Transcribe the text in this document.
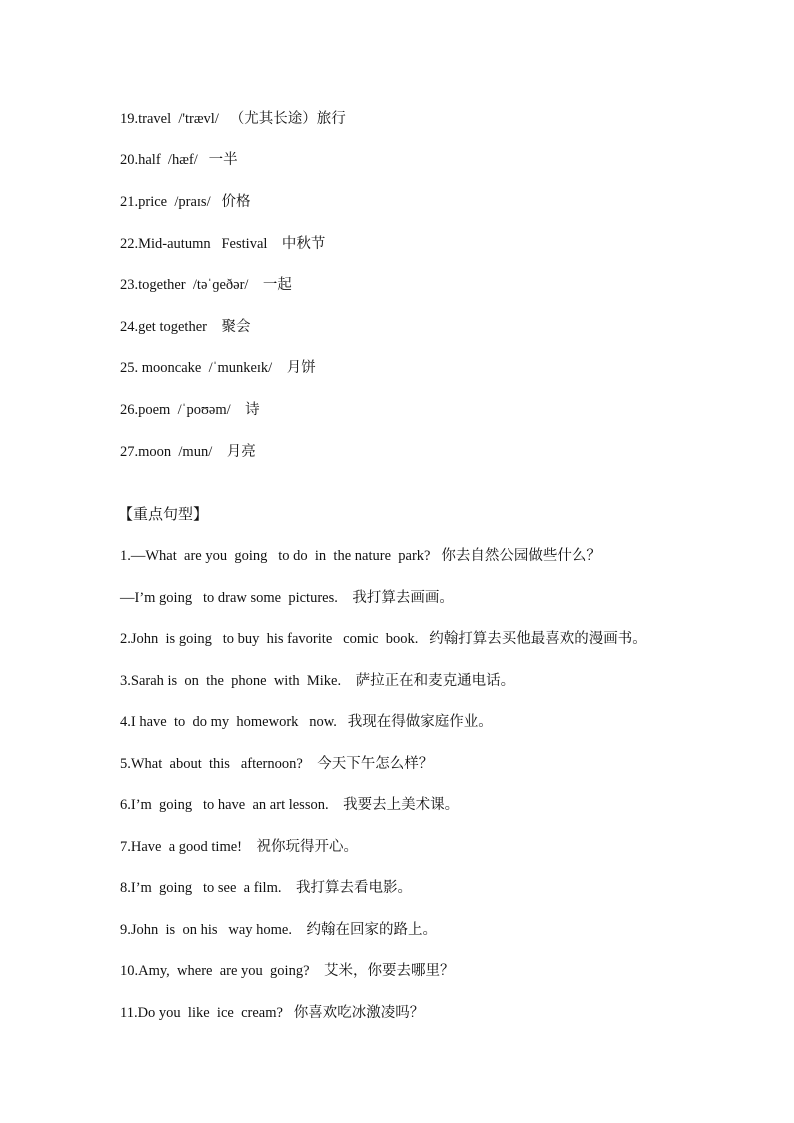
19.travel  /'trævl/   （尤其长途）旅行
20.half  /hæf/   一半
21.price  /praɪs/   价格
22.Mid-autumn   Festival    中秋节
23.together  /təˈɡeðər/    一起
24.get together    聚会
25. mooncake  /ˈmunkeɪk/    月饼
26.poem  /ˈpoʊəm/    诗
27.moon  /mun/    月亮
【重点句型】
1.—What  are you  going   to do  in  the nature  park?   你去自然公园做些什么？
—I’m going   to draw some  pictures.    我打算去画画。
2.John  is going   to buy  his favorite   comic  book.   约翰打算去买他最喜欢的漫画书。
3.Sarah is  on  the  phone  with  Mike.    萨拉正在和麦克通电话。
4.I have  to  do my  homework   now.   我现在得做家庭作业。
5.What  about  this   afternoon?    今天下午怎么样？
6.I’m  going   to have  an art lesson.    我要去上美术课。
7.Have  a good time!    祝你玩得开心。
8.I’m  going   to see  a film.    我打算去看电影。
9.John  is  on his   way home.    约翰在回家的路上。
10.Amy,  where  are you  going?    艾米，你要去哪里？
11.Do you  like  ice  cream?   你喜欢吃冰激凌吗？
